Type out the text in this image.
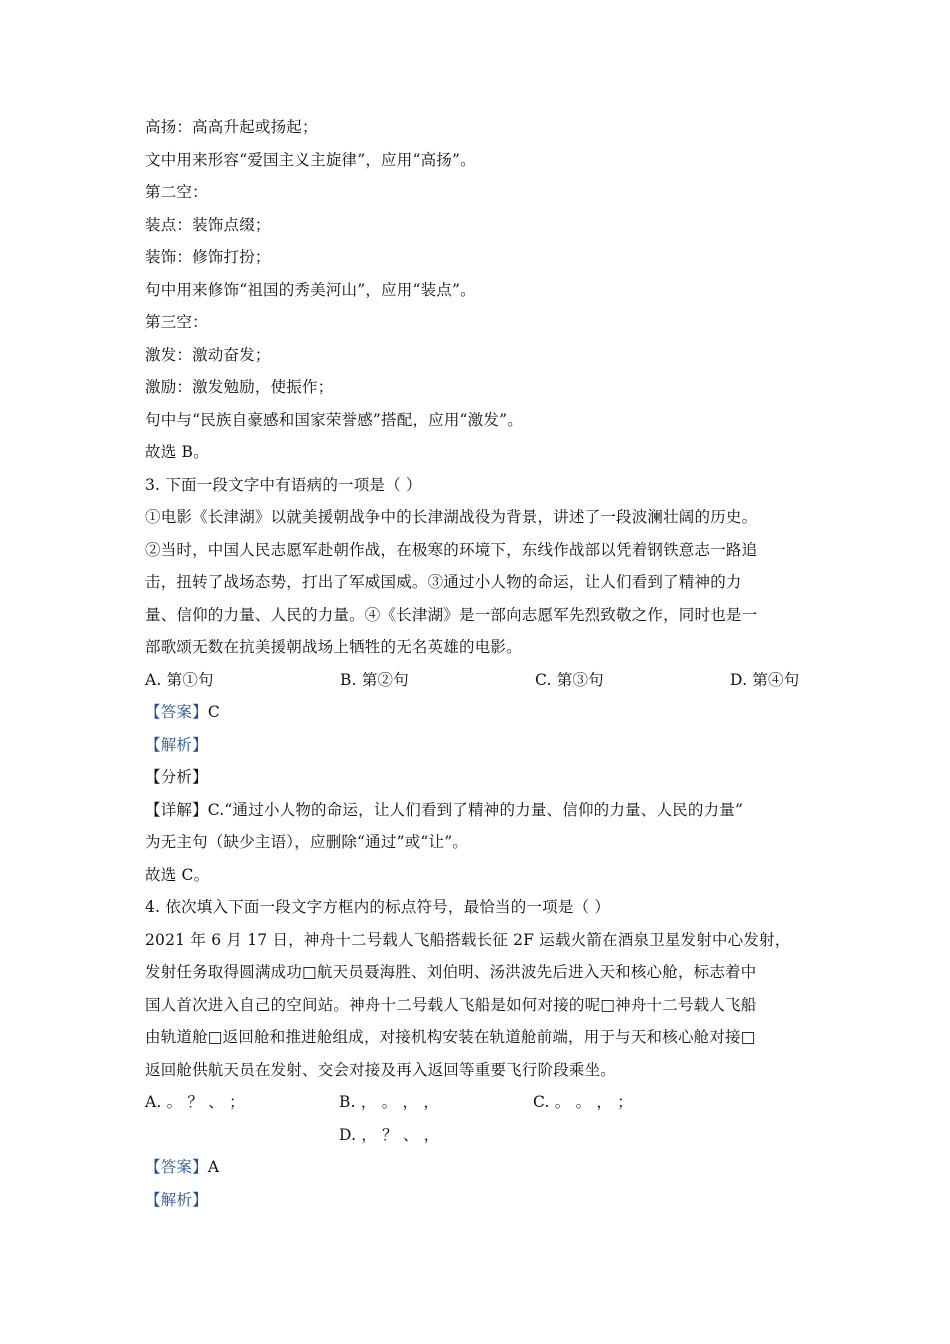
高扬：高高升起或扬起；
文中用来形容“爱国主义主旋律”，应用“高扬”。
第二空：
装点：装饰点缀；
装饰：修饰打扮；
句中用来修饰“祖国的秀美河山”，应用“装点”。
第三空：
激发：激动奋发；
激励：激发勉励，使振作；
句中与“民族自豪感和国家荣誉感”搭配，应用“激发”。
故选 B。
3. 下面一段文字中有语病的一项是（ ）
①电影《长津湖》以就美援朝战争中的长津湖战役为背景，讲述了一段波澜壮阔的历史。
②当时，中国人民志愿军赴朝作战，在极寒的环境下，东线作战部以凭着钢铁意志一路追
击，扭转了战场态势，打出了军威国威。③通过小人物的命运，让人们看到了精神的力
量、信仰的力量、人民的力量。④《长津湖》是一部向志愿军先烈致敬之作，同时也是一
部歌颂无数在抗美援朝战场上牺牲的无名英雄的电影。
A. 第①句	B. 第②句	C. 第③句	D. 第④句
【答案】C
【解析】
【分析】
【详解】C.“通过小人物的命运，让人们看到了精神的力量、信仰的力量、人民的力量”
为无主句（缺少主语），应删除“通过”或“让”。
故选 C。
4. 依次填入下面一段文字方框内的标点符号，最恰当的一项是（ ）
2021 年 6 月 17 日，神舟十二号载人飞船搭载长征 2F 运载火箭在酒泉卫星发射中心发射，
发射任务取得圆满成功□航天员聂海胜、刘伯明、汤洪波先后进入天和核心舱，标志着中
国人首次进入自己的空间站。神舟十二号载人飞船是如何对接的呢□神舟十二号载人飞船
由轨道舱□返回舱和推进舱组成，对接机构安装在轨道舱前端，用于与天和核心舱对接□
返回舱供航天员在发射、交会对接及再入返回等重要飞行阶段乘坐。
A. 。 ？ 、 ；	B. ， 。 ， ，	C. 。 。 ， ；
D. ， ？ 、 ，
【答案】A
【解析】
